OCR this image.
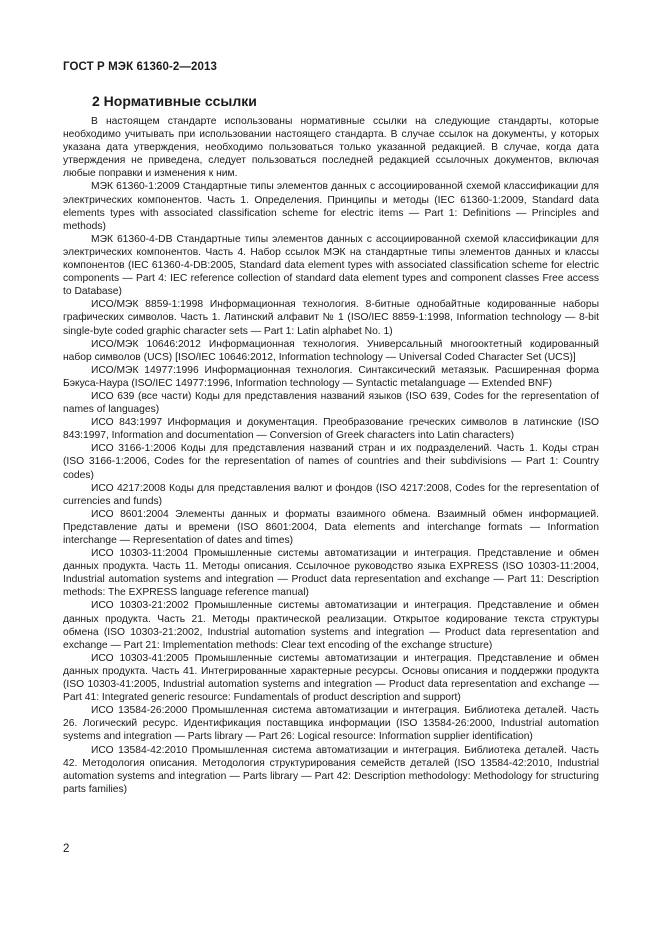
ГОСТ Р МЭК 61360-2—2013
2 Нормативные ссылки

В настоящем стандарте использованы нормативные ссылки на следующие стандарты, которые необходимо учитывать при использовании настоящего стандарта. В случае ссылок на документы, у которых указана дата утверждения, необходимо пользоваться только указанной редакцией. В случае, когда дата утверждения не приведена, следует пользоваться последней редакцией ссылочных документов, включая любые поправки и изменения к ним.

МЭК 61360-1:2009 Стандартные типы элементов данных с ассоциированной схемой классификации для электрических компонентов. Часть 1. Определения. Принципы и методы (IEC 61360-1:2009, Standard data elements types with associated classification scheme for electric items — Part 1: Definitions — Principles and methods)

МЭК 61360-4-DB Стандартные типы элементов данных с ассоциированной схемой классификации для электрических компонентов. Часть 4. Набор ссылок МЭК на стандартные типы элементов данных и классы компонентов (IEC 61360-4-DB:2005, Standard data element types with associated classification scheme for electric components — Part 4: IEC reference collection of standard data element types and component classes Free access to Database)

ИСО/МЭК 8859-1:1998 Информационная технология. 8-битные однобайтные кодированные наборы графических символов. Часть 1. Латинский алфавит № 1 (ISO/IEC 8859-1:1998, Information technology — 8-bit single-byte coded graphic character sets — Part 1: Latin alphabet No. 1)

ИСО/МЭК 10646:2012 Информационная технология. Универсальный многооктетный кодированный набор символов (UCS) [ISO/IEC 10646:2012, Information technology — Universal Coded Character Set (UCS)]

ИСО/МЭК 14977:1996 Информационная технология. Синтаксический метаязык. Расширенная форма Бэкуса-Наура (ISO/IEC 14977:1996, Information technology — Syntactic metalanguage — Extended BNF)

ИСО 639 (все части) Коды для представления названий языков (ISO 639, Codes for the representation of names of languages)

ИСО 843:1997 Информация и документация. Преобразование греческих символов в латинские (ISO 843:1997, Information and documentation — Conversion of Greek characters into Latin characters)

ИСО 3166-1:2006 Коды для представления названий стран и их подразделений. Часть 1. Коды стран (ISO 3166-1:2006, Codes for the representation of names of countries and their subdivisions — Part 1: Country codes)

ИСО 4217:2008 Коды для представления валют и фондов (ISO 4217:2008, Codes for the representation of currencies and funds)

ИСО 8601:2004 Элементы данных и форматы взаимного обмена. Взаимный обмен информацией. Представление даты и времени (ISO 8601:2004, Data elements and interchange formats — Information interchange — Representation of dates and times)

ИСО 10303-11:2004 Промышленные системы автоматизации и интеграция. Представление и обмен данных продукта. Часть 11. Методы описания. Ссылочное руководство языка EXPRESS (ISO 10303-11:2004, Industrial automation systems and integration — Product data representation and exchange — Part 11: Description methods: The EXPRESS language reference manual)

ИСО 10303-21:2002 Промышленные системы автоматизации и интеграция. Представление и обмен данных продукта. Часть 21. Методы практической реализации. Открытое кодирование текста структуры обмена (ISO 10303-21:2002, Industrial automation systems and integration — Product data representation and exchange — Part 21: Implementation methods: Clear text encoding of the exchange structure)

ИСО 10303-41:2005 Промышленные системы автоматизации и интеграция. Представление и обмен данных продукта. Часть 41. Интегрированные характерные ресурсы. Основы описания и поддержки продукта (ISO 10303-41:2005, Industrial automation systems and integration — Product data representation and exchange — Part 41: Integrated generic resource: Fundamentals of product description and support)

ИСО 13584-26:2000 Промышленная система автоматизации и интеграция. Библиотека деталей. Часть 26. Логический ресурс. Идентификация поставщика информации (ISO 13584-26:2000, Industrial automation systems and integration — Parts library — Part 26: Logical resource: Information supplier identification)

ИСО 13584-42:2010 Промышленная система автоматизации и интеграция. Библиотека деталей. Часть 42. Методология описания. Методология структурирования семейств деталей (ISO 13584-42:2010, Industrial automation systems and integration — Parts library — Part 42: Description methodology: Methodology for structuring parts families)

2
